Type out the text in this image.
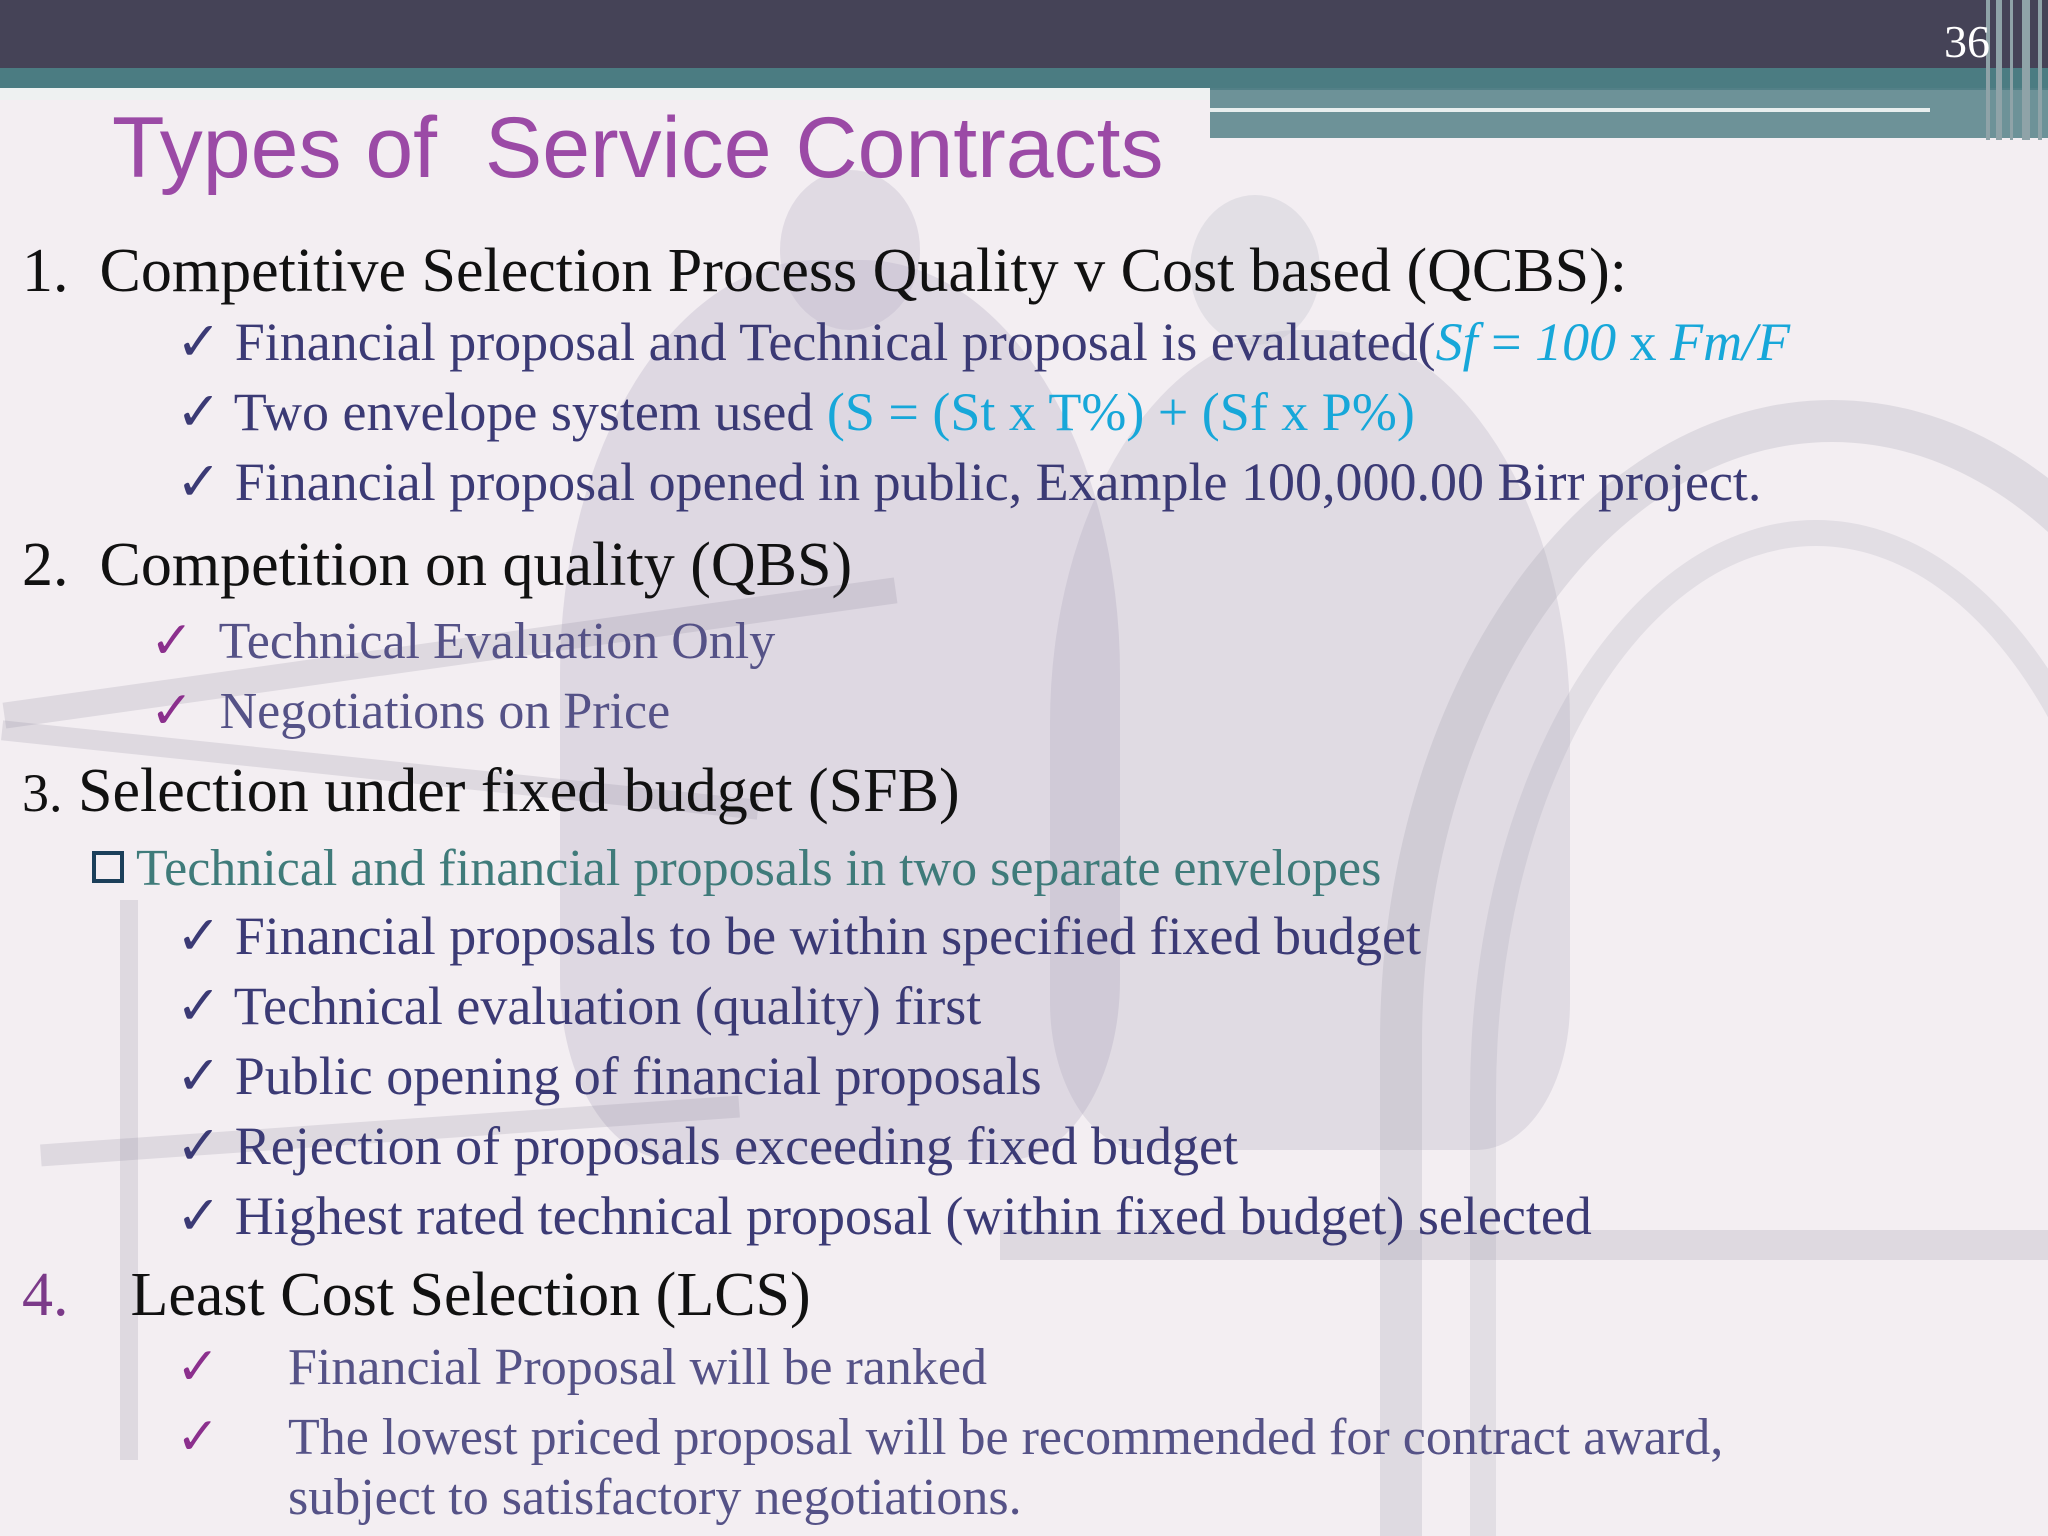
36
Types of  Service Contracts
1. Competitive Selection Process Quality v Cost based (QCBS):
✓ Financial proposal and Technical proposal is evaluated(Sf = 100 x Fm/F
✓ Two envelope system used (S = (St x T%) + (Sf x P%)
✓ Financial proposal opened in public, Example 100,000.00 Birr project.
2. Competition on quality (QBS)
✓ Technical Evaluation Only
✓ Negotiations on Price
3. Selection under fixed budget (SFB)
Technical and financial proposals in two separate envelopes
✓ Financial proposals to be within specified fixed budget
✓ Technical evaluation (quality) first
✓ Public opening of financial proposals
✓ Rejection of proposals exceeding fixed budget
✓ Highest rated technical proposal (within fixed budget) selected
4. Least Cost Selection (LCS)
✓ Financial Proposal will be ranked
✓ The lowest priced proposal will be recommended for contract award,
subject to satisfactory negotiations.
